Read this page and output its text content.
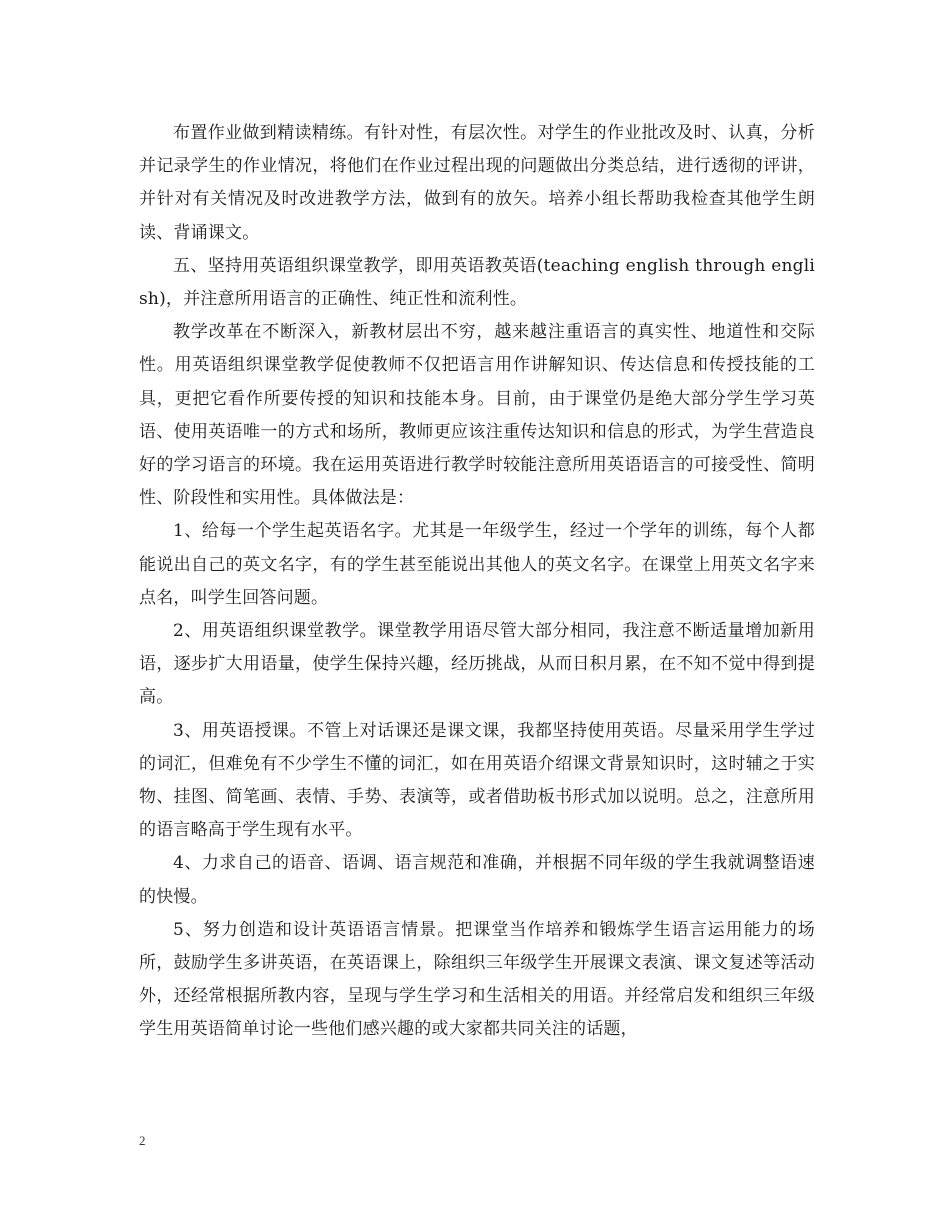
布置作业做到精读精练。有针对性，有层次性。对学生的作业批改及时、认真，分析并记录学生的作业情况，将他们在作业过程出现的问题做出分类总结，进行透彻的评讲，并针对有关情况及时改进教学方法，做到有的放矢。培养小组长帮助我检查其他学生朗读、背诵课文。

五、坚持用英语组织课堂教学，即用英语教英语(teaching english through english)，并注意所用语言的正确性、纯正性和流利性。

教学改革在不断深入，新教材层出不穷，越来越注重语言的真实性、地道性和交际性。用英语组织课堂教学促使教师不仅把语言用作讲解知识、传达信息和传授技能的工具，更把它看作所要传授的知识和技能本身。目前，由于课堂仍是绝大部分学生学习英语、使用英语唯一的方式和场所，教师更应该注重传达知识和信息的形式，为学生营造良好的学习语言的环境。我在运用英语进行教学时较能注意所用英语语言的可接受性、简明性、阶段性和实用性。具体做法是：

1、给每一个学生起英语名字。尤其是一年级学生，经过一个学年的训练，每个人都能说出自己的英文名字，有的学生甚至能说出其他人的英文名字。在课堂上用英文名字来点名，叫学生回答问题。

2、用英语组织课堂教学。课堂教学用语尽管大部分相同，我注意不断适量增加新用语，逐步扩大用语量，使学生保持兴趣，经历挑战，从而日积月累，在不知不觉中得到提高。

3、用英语授课。不管上对话课还是课文课，我都坚持使用英语。尽量采用学生学过的词汇，但难免有不少学生不懂的词汇，如在用英语介绍课文背景知识时，这时辅之于实物、挂图、简笔画、表情、手势、表演等，或者借助板书形式加以说明。总之，注意所用的语言略高于学生现有水平。

4、力求自己的语音、语调、语言规范和准确，并根据不同年级的学生我就调整语速的快慢。

5、努力创造和设计英语语言情景。把课堂当作培养和锻炼学生语言运用能力的场所，鼓励学生多讲英语，在英语课上，除组织三年级学生开展课文表演、课文复述等活动外，还经常根据所教内容，呈现与学生学习和生活相关的用语。并经常启发和组织三年级学生用英语简单讨论一些他们感兴趣的或大家都共同关注的话题，

2
